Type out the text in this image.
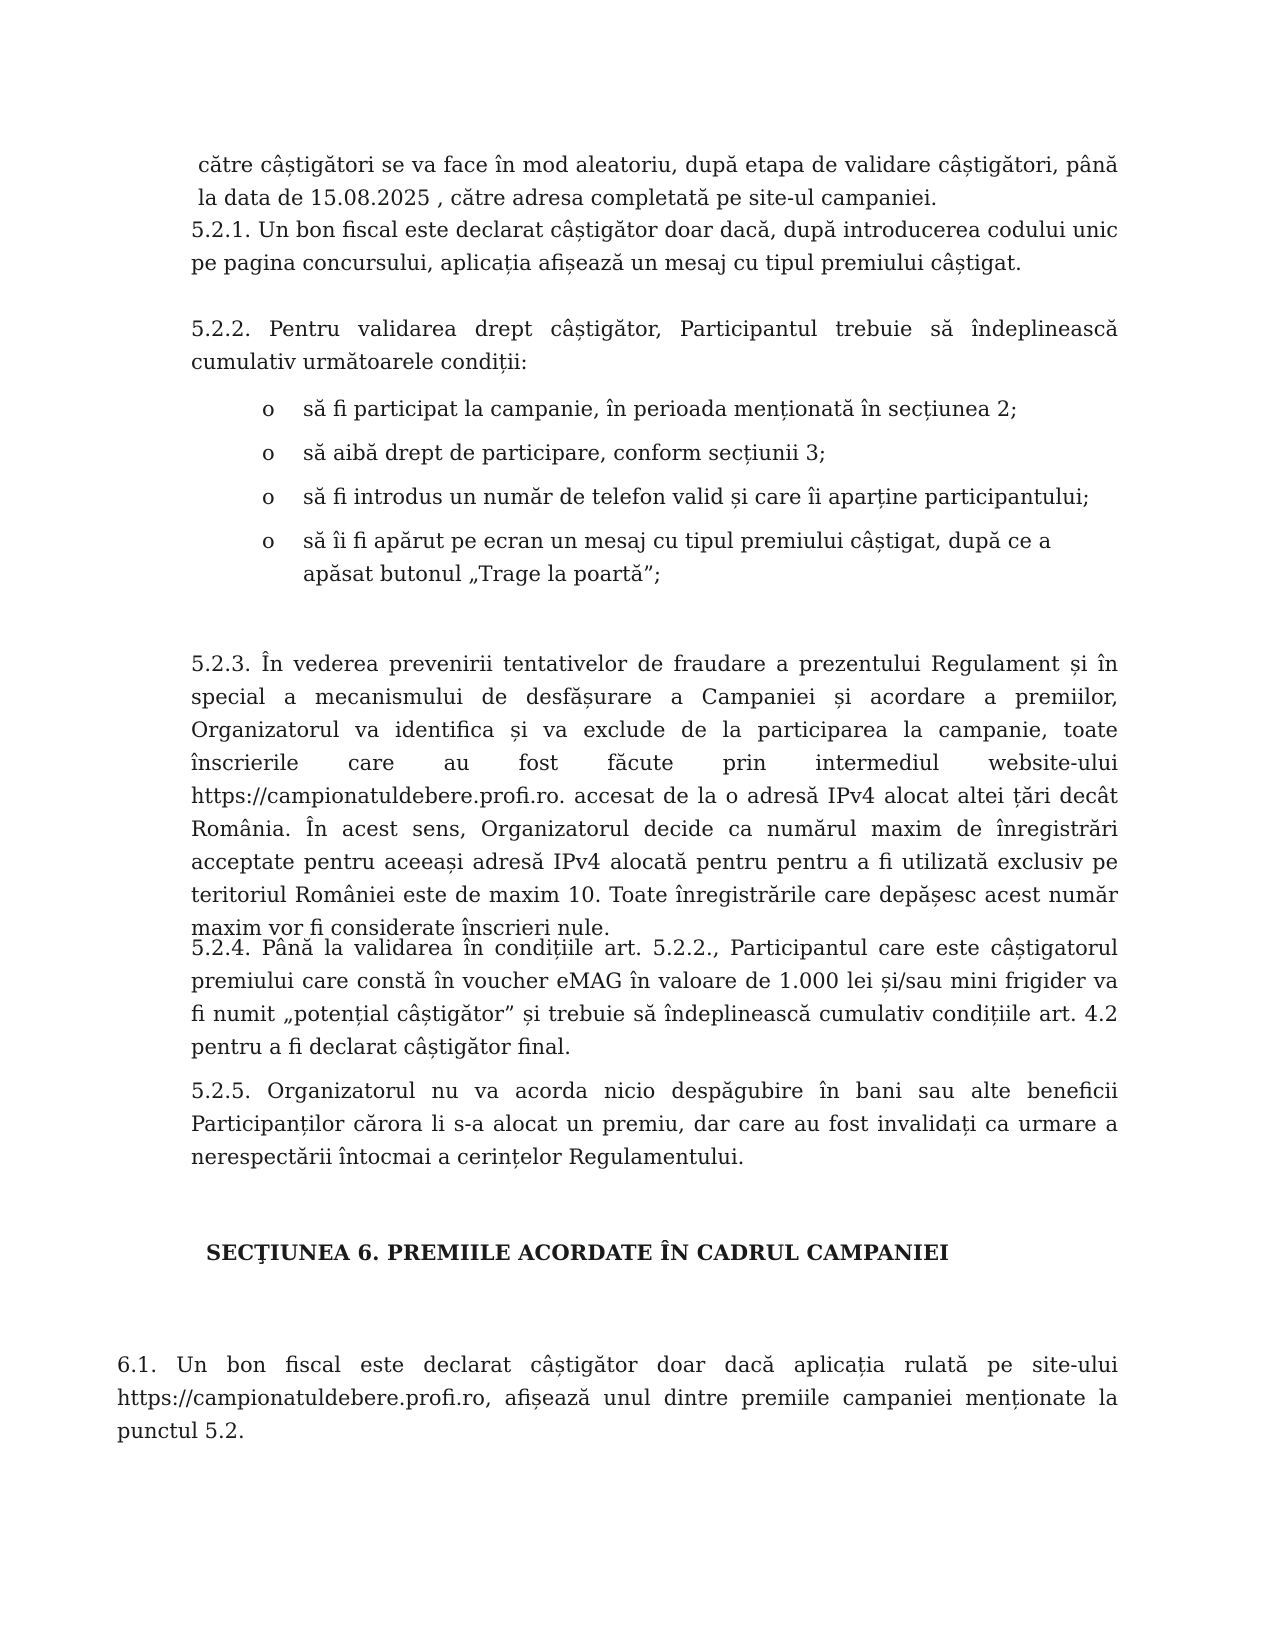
către câștigători se va face în mod aleatoriu, după etapa de validare câștigători, până la data de 15.08.2025 , către adresa completată pe site-ul campaniei.

5.2.1. Un bon fiscal este declarat câștigător doar dacă, după introducerea codului unic pe pagina concursului, aplicația afișează un mesaj cu tipul premiului câștigat.

5.2.2. Pentru validarea drept câștigător, Participantul trebuie să îndeplinească cumulativ următoarele condiții:

o să fi participat la campanie, în perioada menționată în secțiunea 2;
o să aibă drept de participare, conform secțiunii 3;
o să fi introdus un număr de telefon valid și care îi aparține participantului;
o să îi fi apărut pe ecran un mesaj cu tipul premiului câștigat, după ce a apăsat butonul „Trage la poartă”;

5.2.3. În vederea prevenirii tentativelor de fraudare a prezentului Regulament și în special a mecanismului de desfășurare a Campaniei și acordare a premiilor, Organizatorul va identifica și va exclude de la participarea la campanie, toate înscrierile care au fost făcute prin intermediul website-ului https://campionatuldebere.profi.ro. accesat de la o adresă IPv4 alocat altei țări decât România. În acest sens, Organizatorul decide ca numărul maxim de înregistrări acceptate pentru aceeași adresă IPv4 alocată pentru pentru a fi utilizată exclusiv pe teritoriul României este de maxim 10. Toate înregistrările care depășesc acest număr maxim vor fi considerate înscrieri nule.

5.2.4. Până la validarea în condițiile art. 5.2.2., Participantul care este câștigatorul premiului care constă în voucher eMAG în valoare de 1.000 lei și/sau mini frigider va fi numit „potențial câștigător” și trebuie să îndeplinească cumulativ condițiile art. 4.2 pentru a fi declarat câștigător final.

5.2.5. Organizatorul nu va acorda nicio despăgubire în bani sau alte beneficii Participanților cărora li s-a alocat un premiu, dar care au fost invalidați ca urmare a nerespectării întocmai a cerințelor Regulamentului.

SECŢIUNEA 6. PREMIILE ACORDATE ÎN CADRUL CAMPANIEI

6.1. Un bon fiscal este declarat câștigător doar dacă aplicația rulată pe site-ului https://campionatuldebere.profi.ro, afișează unul dintre premiile campaniei menționate la punctul 5.2.
